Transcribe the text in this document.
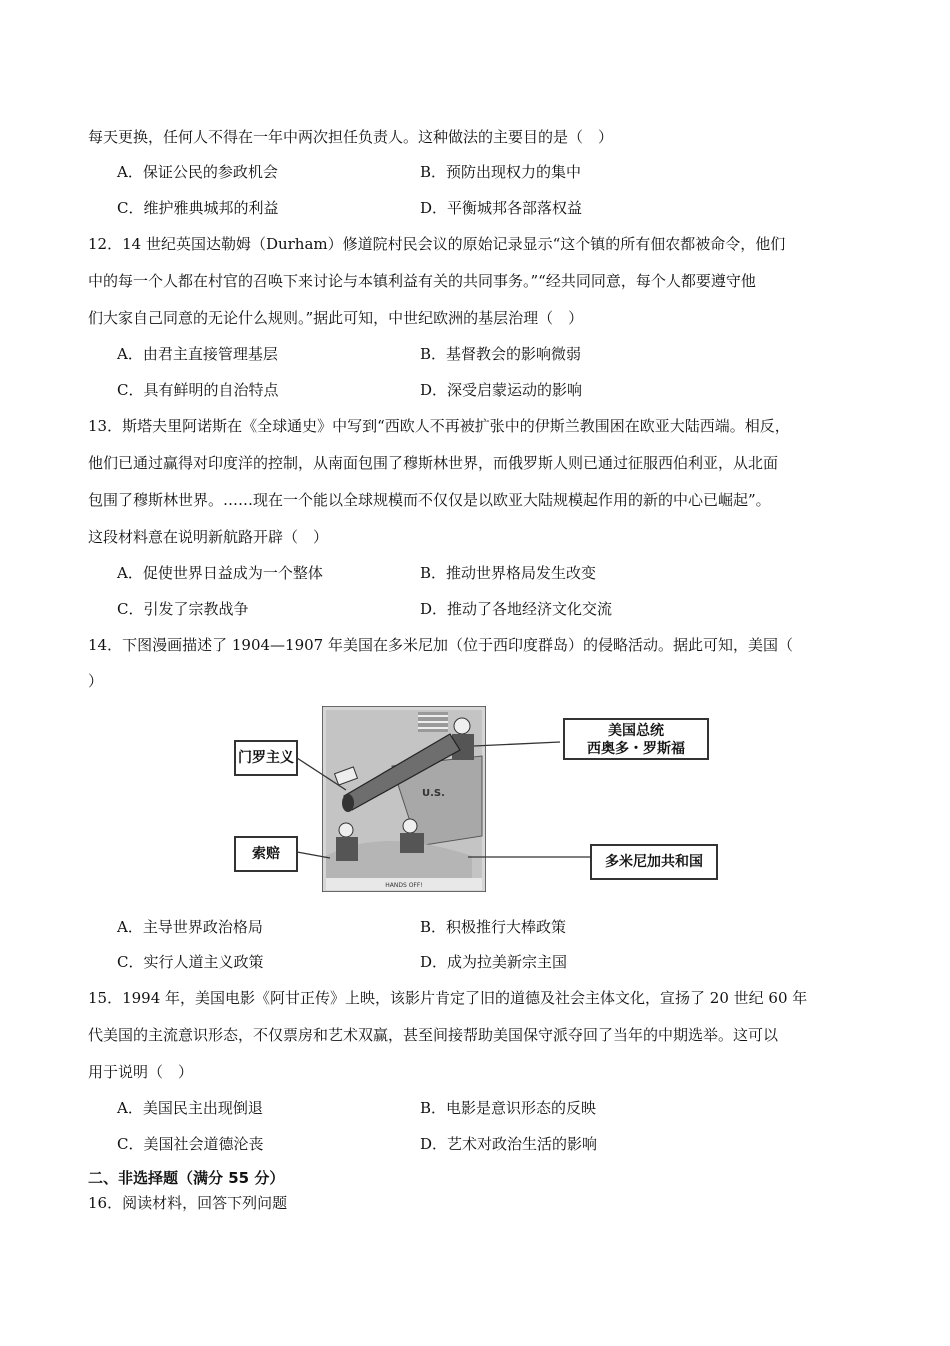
每天更换，任何人不得在一年中两次担任负责人。这种做法的主要目的是（　）
A．保证公民的参政机会	B．预防出现权力的集中
C．维护雅典城邦的利益	D．平衡城邦各部落权益
12．14 世纪英国达勒姆（Durham）修道院村民会议的原始记录显示“这个镇的所有佃农都被命令，他们
中的每一个人都在村官的召唤下来讨论与本镇利益有关的共同事务。”“经共同同意，每个人都要遵守他
们大家自己同意的无论什么规则。”据此可知，中世纪欧洲的基层治理（　）
A．由君主直接管理基层	B．基督教会的影响微弱
C．具有鲜明的自治特点	D．深受启蒙运动的影响
13．斯塔夫里阿诺斯在《全球通史》中写到“西欧人不再被扩张中的伊斯兰教围困在欧亚大陆西端。相反，
他们已通过赢得对印度洋的控制，从南面包围了穆斯林世界，而俄罗斯人则已通过征服西伯利亚，从北面
包围了穆斯林世界。……现在一个能以全球规模而不仅仅是以欧亚大陆规模起作用的新的中心已崛起”。
这段材料意在说明新航路开辟（　）
A．促使世界日益成为一个整体	B．推动世界格局发生改变
C．引发了宗教战争	D．推动了各地经济文化交流
14．下图漫画描述了 1904—1907 年美国在多米尼加（位于西印度群岛）的侵略活动。据此可知，美国（
）
U.S.
HANDS OFF!
门罗主义
美国总统
西奥多・罗斯福
索赔	多米尼加共和国
A．主导世界政治格局	B．积极推行大棒政策
C．实行人道主义政策	D．成为拉美新宗主国
15．1994 年，美国电影《阿甘正传》上映，该影片肯定了旧的道德及社会主体文化，宣扬了 20 世纪 60 年
代美国的主流意识形态，不仅票房和艺术双赢，甚至间接帮助美国保守派夺回了当年的中期选举。这可以
用于说明（　）
A．美国民主出现倒退	B．电影是意识形态的反映
C．美国社会道德沦丧	D．艺术对政治生活的影响
二、非选择题（满分 55 分）
16．阅读材料，回答下列问题
